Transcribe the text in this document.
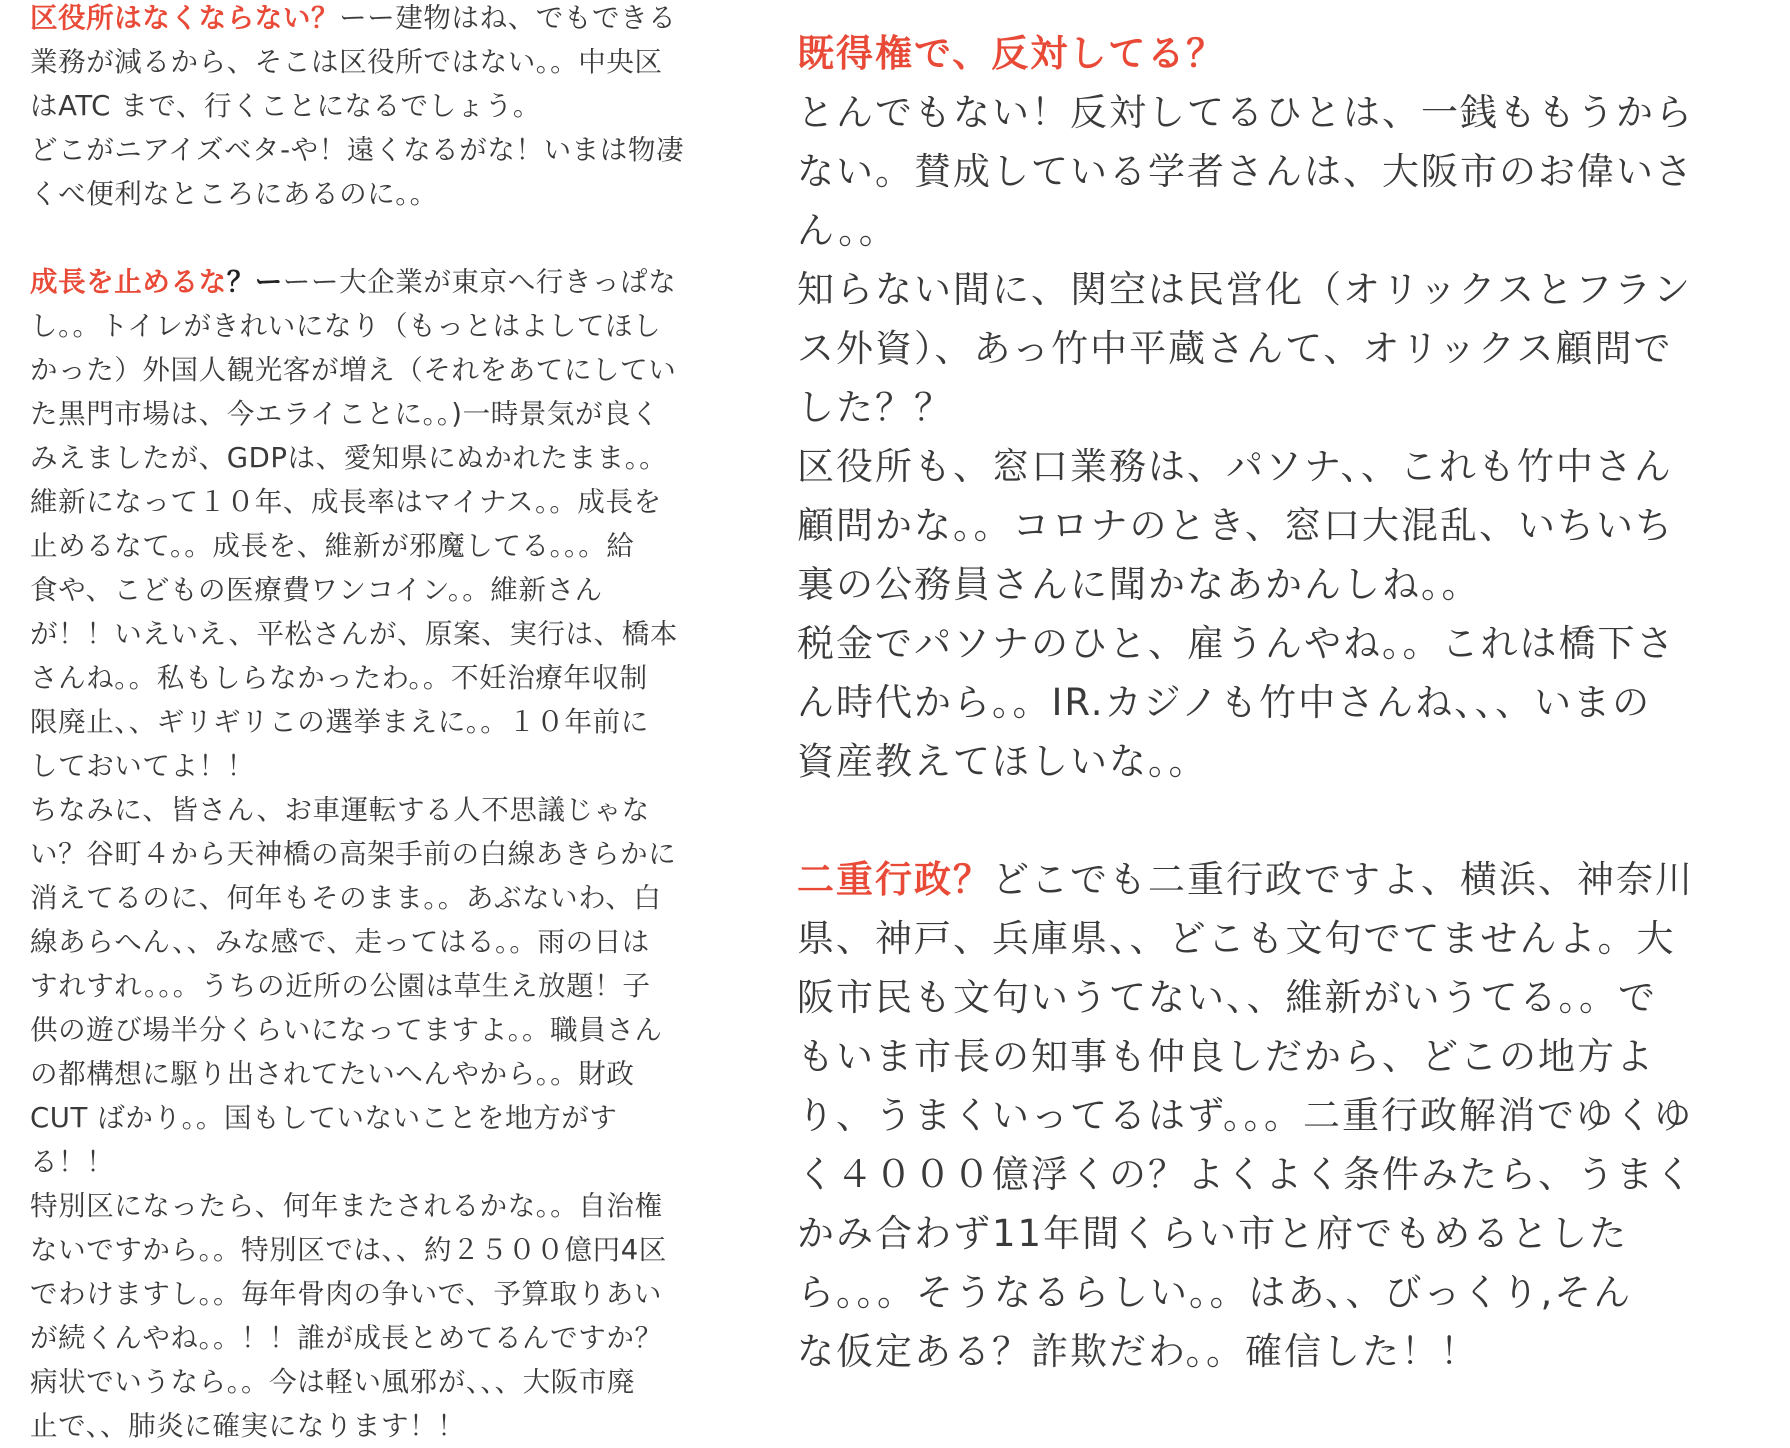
区役所はなくならない？ーー建物はね、でもできる
業務が減るから、そこは区役所ではない。。中央区
はATC まで、行くことになるでしょう。
どこがニアイズベタ-や！遠くなるがな！いまは物凄
くべ便利なところにあるのに。。

成長を止めるな？ーーー大企業が東京へ行きっぱな
し。。トイレがきれいになり（もっとはよしてほし
かった）外国人観光客が増え（それをあてにしてい
た黒門市場は、今エライことに。。)一時景気が良く
みえましたが、GDPは、愛知県にぬかれたまま。。
維新になって１０年、成長率はマイナス。。成長を
止めるなて。。成長を、維新が邪魔してる。。。給
食や、こどもの医療費ワンコイン。。維新さん
が！！いえいえ、平松さんが、原案、実行は、橋本
さんね。。私もしらなかったわ。。不妊治療年収制
限廃止、、ギリギリこの選挙まえに。。１０年前に
しておいてよ！！
ちなみに、皆さん、お車運転する人不思議じゃな
い？谷町４から天神橋の高架手前の白線あきらかに
消えてるのに、何年もそのまま。。あぶないわ、白
線あらへん、、みな感で、走ってはる。。雨の日は
すれすれ。。。うちの近所の公園は草生え放題！子
供の遊び場半分くらいになってますよ。。職員さん
の都構想に駆り出されてたいへんやから。。財政
CUT ばかり。。国もしていないことを地方がす
る！！
特別区になったら、何年またされるかな。。自治権
ないですから。。特別区では、、約２５００億円4区
でわけますし。。毎年骨肉の争いで、予算取りあい
が続くんやね。。！！誰が成長とめてるんですか？
病状でいうなら。。今は軽い風邪が、、、大阪市廃
止で、、肺炎に確実になります！！

既得権で、反対してる？

とんでもない！反対してるひとは、一銭ももうから
ない。賛成している学者さんは、大阪市のお偉いさ
ん。。
知らない間に、関空は民営化（オリックスとフラン
ス外資）、あっ竹中平蔵さんて、オリックス顧問で
した？？
区役所も、窓口業務は、パソナ、、これも竹中さん
顧問かな。。コロナのとき、窓口大混乱、いちいち
裏の公務員さんに聞かなあかんしね。。
税金でパソナのひと、雇うんやね。。これは橋下さ
ん時代から。。IR.カジノも竹中さんね、、、いまの
資産教えてほしいな。。

二重行政？どこでも二重行政ですよ、横浜、神奈川
県、神戸、兵庫県、、どこも文句でてませんよ。大
阪市民も文句いうてない、、維新がいうてる。。で
もいま市長の知事も仲良しだから、どこの地方よ
り、うまくいってるはず。。。二重行政解消でゆくゆ
く４０００億浮くの？よくよく条件みたら、うまく
かみ合わず11年間くらい市と府でもめるとした
ら。。。そうなるらしい。。はあ、、びっくり,そん
な仮定ある？詐欺だわ。。確信した！！
